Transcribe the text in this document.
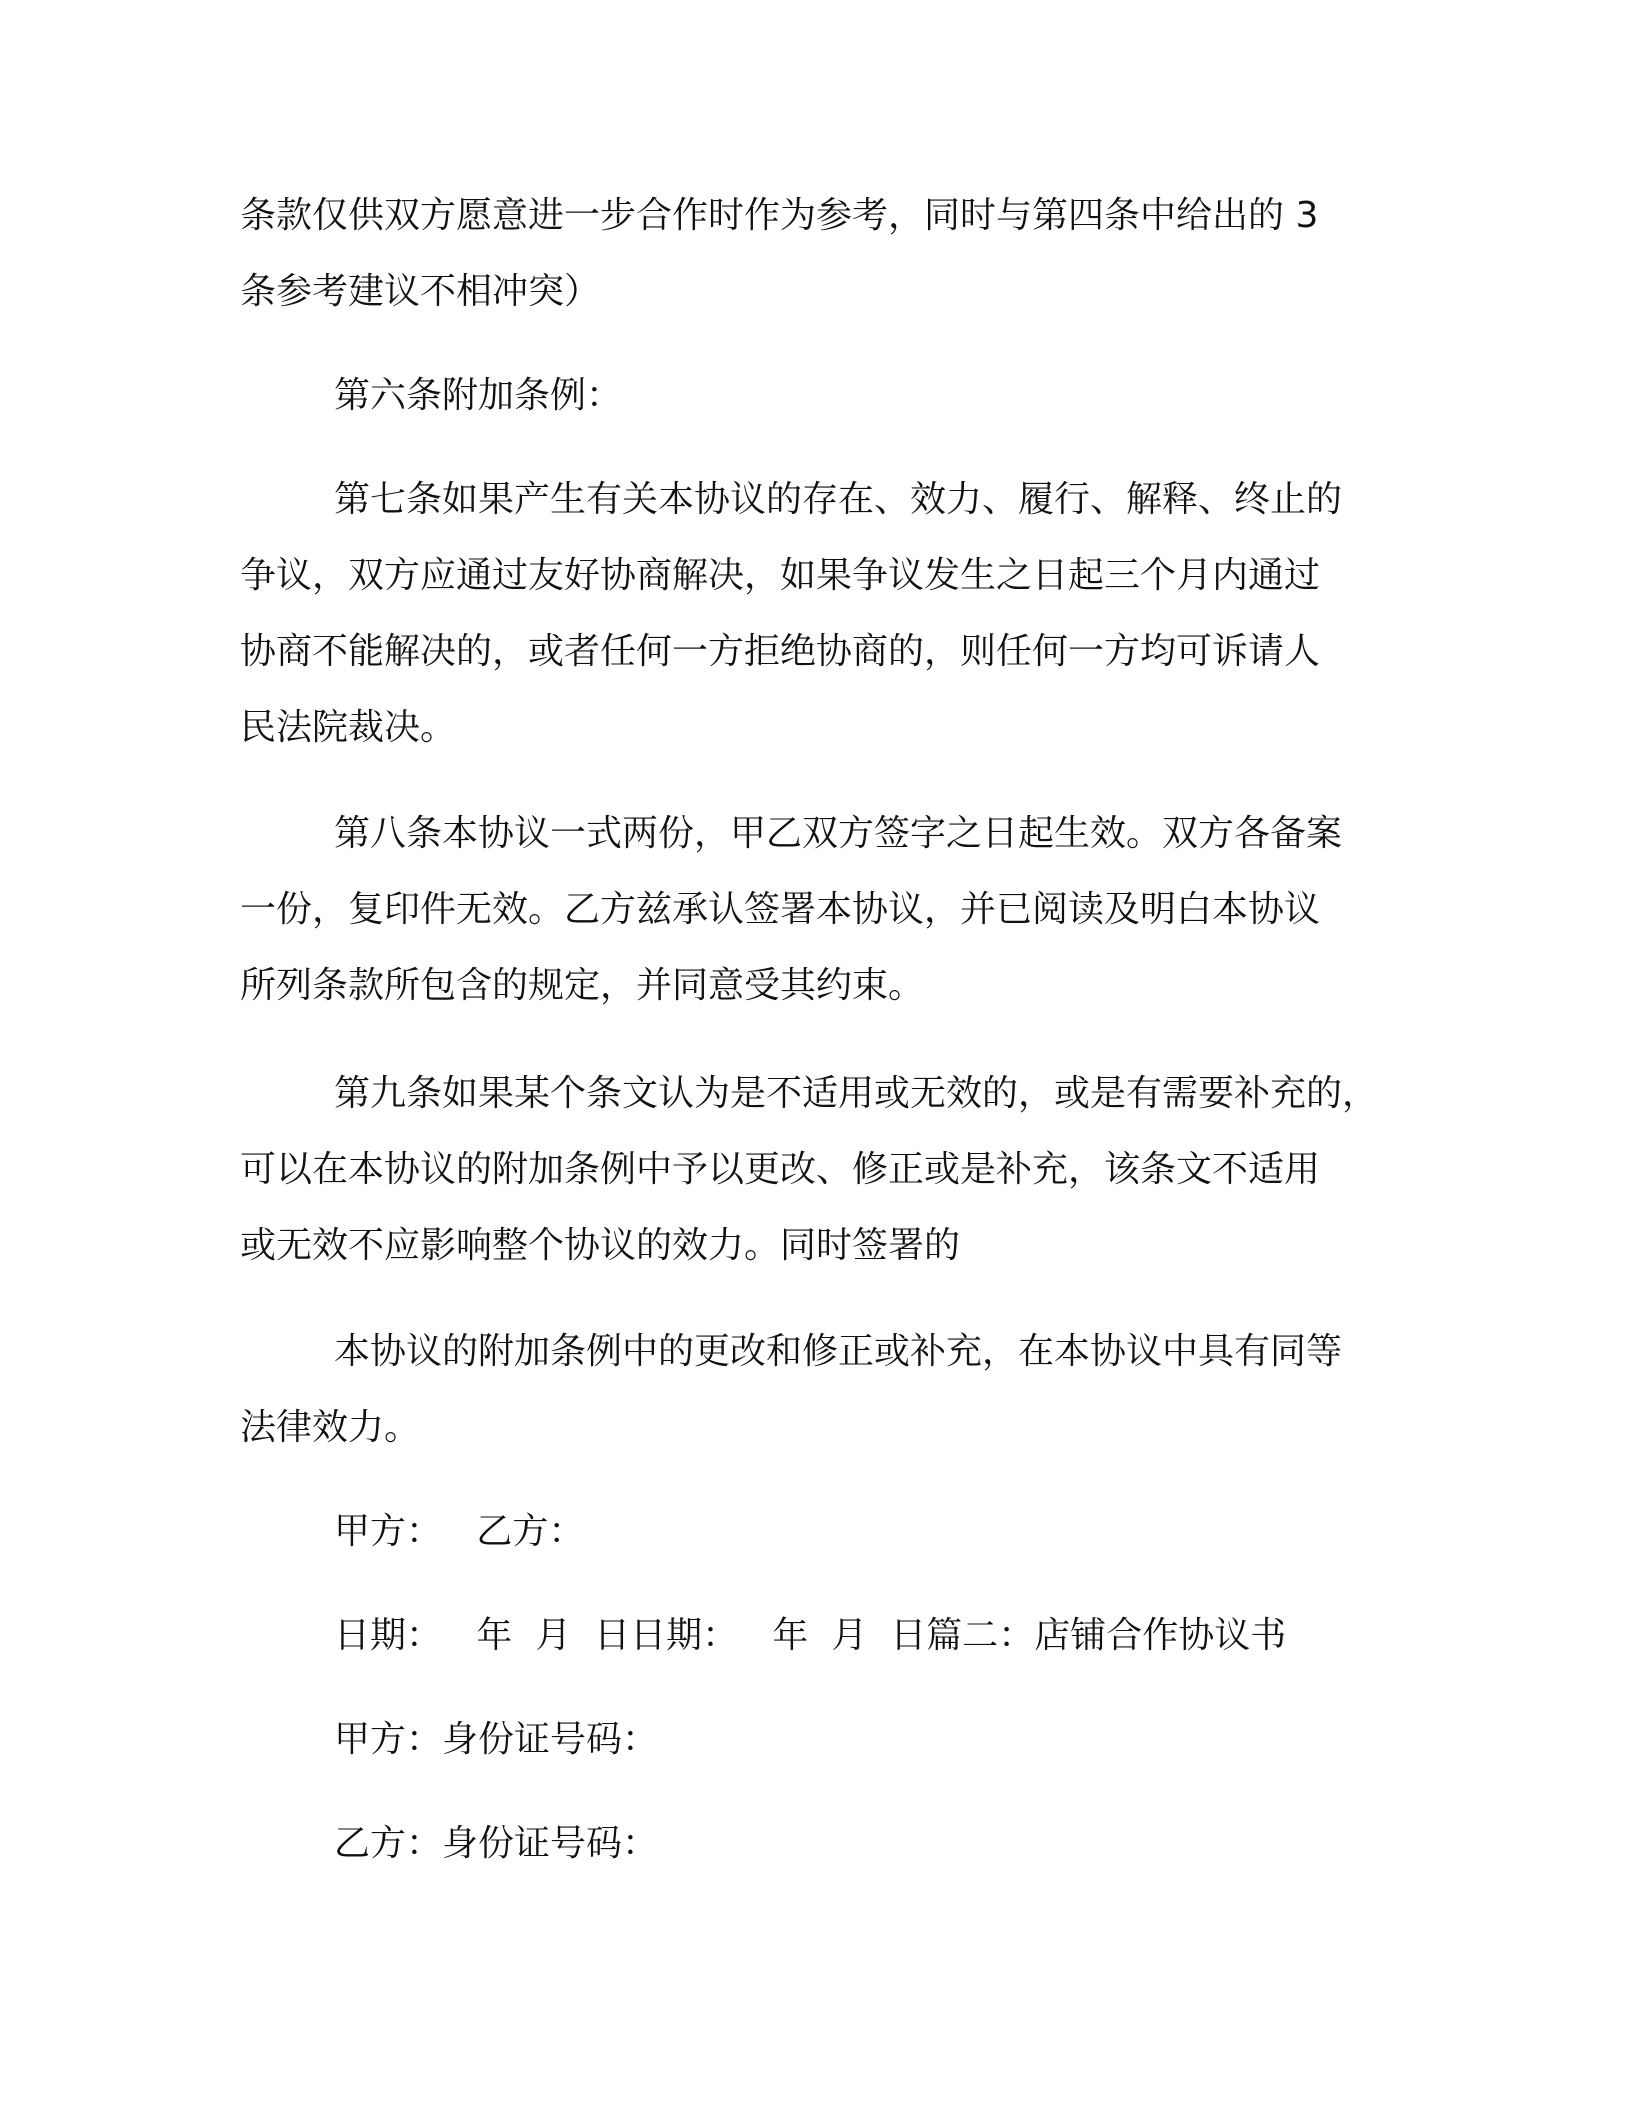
条款仅供双方愿意进一步合作时作为参考，同时与第四条中给出的 3
条参考建议不相冲突）
第六条附加条例：
第七条如果产生有关本协议的存在、效力、履行、解释、终止的
争议，双方应通过友好协商解决，如果争议发生之日起三个月内通过
协商不能解决的，或者任何一方拒绝协商的，则任何一方均可诉请人
民法院裁决。
第八条本协议一式两份，甲乙双方签字之日起生效。双方各备案
一份，复印件无效。乙方兹承认签署本协议，并已阅读及明白本协议
所列条款所包含的规定，并同意受其约束。
第九条如果某个条文认为是不适用或无效的，或是有需要补充的，
可以在本协议的附加条例中予以更改、修正或是补充，该条文不适用
或无效不应影响整个协议的效力。同时签署的
本协议的附加条例中的更改和修正或补充，在本协议中具有同等
法律效力。
甲方：   乙方：
日期：   年  月  日日期：   年  月  日篇二：店铺合作协议书
甲方：身份证号码：
乙方：身份证号码：
